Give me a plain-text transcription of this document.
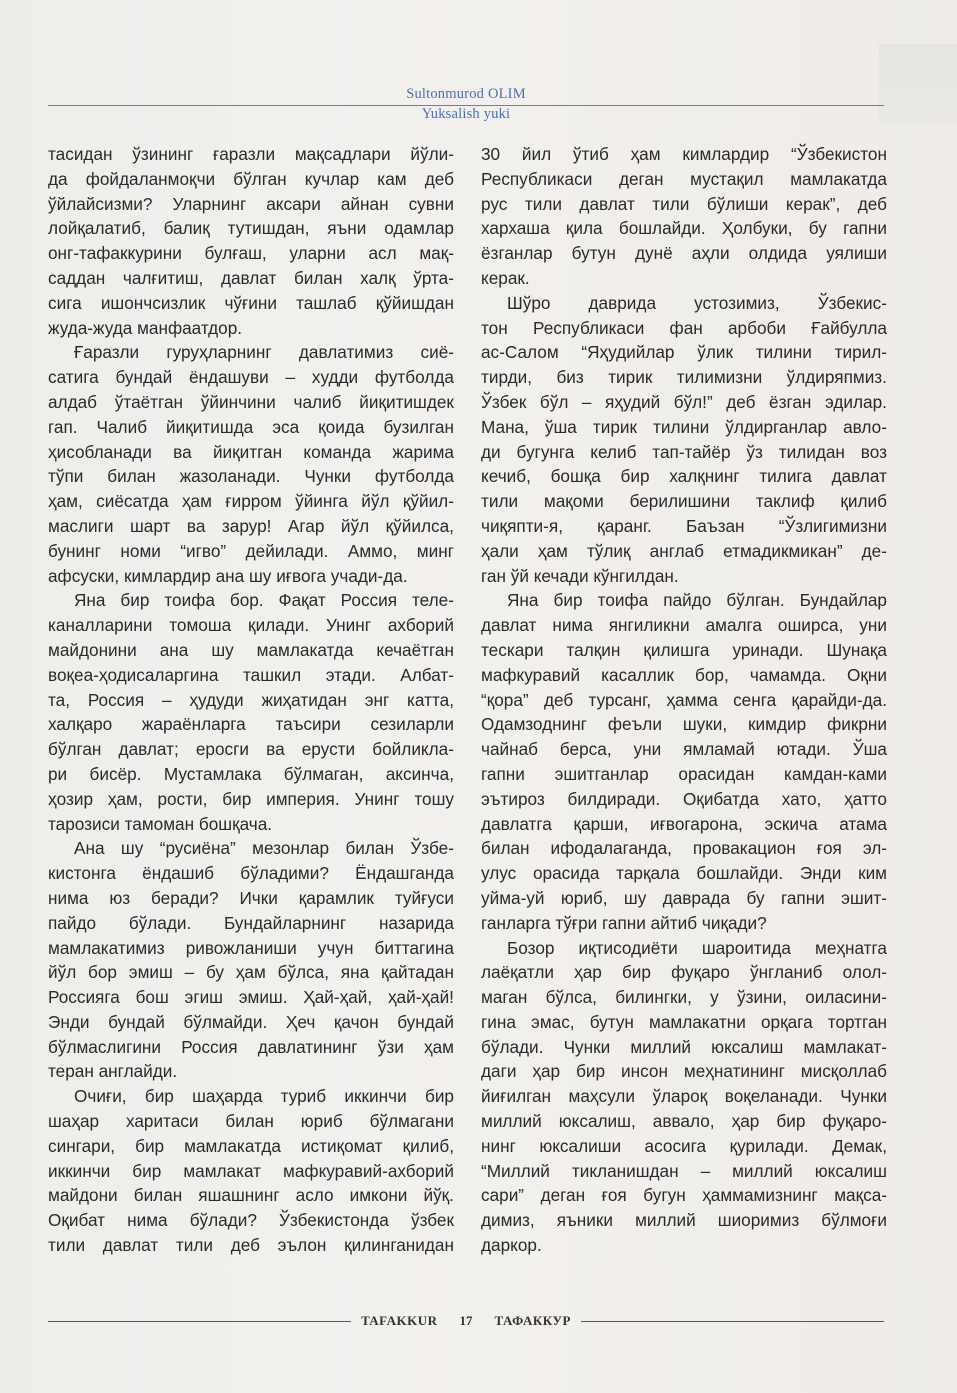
Sultonmurod OLIM
Yuksalish yuki
тасидан ўзининг ғаразли мақсадлари йўли-
да фойдаланмоқчи бўлган кучлар кам деб
ўйлайсизми? Уларнинг аксари айнан сувни
лойқалатиб, балиқ тутишдан, яъни одамлар
онг-тафаккурини булғаш, уларни асл мақ-
саддан чалғитиш, давлат билан халқ ўрта-
сига ишончсизлик чўғини ташлаб қўйишдан
жуда-жуда манфаатдор.
Ғаразли гуруҳларнинг давлатимиз сиё-
сатига бундай ёндашуви – худди футболда
алдаб ўтаётган ўйинчини чалиб йиқитишдек
гап. Чалиб йиқитишда эса қоида бузилган
ҳисобланади ва йиқитган команда жарима
тўпи билан жазоланади. Чунки футболда
ҳам, сиёсатда ҳам ғирром ўйинга йўл қўйил-
маслиги шарт ва зарур! Агар йўл қўйилса,
бунинг номи “игво” дейилади. Аммо, минг
афсуски, кимлардир ана шу иғвога учади-да.
Яна бир тоифа бор. Фақат Россия теле-
каналларини томоша қилади. Унинг ахборий
майдонини ана шу мамлакатда кечаётган
воқеа-ҳодисаларгина ташкил этади. Албат-
та, Россия – ҳудуди жиҳатидан энг катта,
халқаро жараёнларга таъсири сезиларли
бўлган давлат; еросги ва ерусти бойликла-
ри бисёр. Мустамлака бўлмаган, аксинча,
ҳозир ҳам, рости, бир империя. Унинг тошу
тарозиси тамоман бошқача.
Ана шу “русиёна” мезонлар билан Ўзбе-
кистонга ёндашиб бўладими? Ёндашганда
нима юз беради? Ички қарамлик туйғуси
пайдо бўлади. Бундайларнинг назарида
мамлакатимиз ривожланиши учун биттагина
йўл бор эмиш – бу ҳам бўлса, яна қайтадан
Россияга бош эгиш эмиш. Ҳай-ҳай, ҳай-ҳай!
Энди бундай бўлмайди. Ҳеч қачон бундай
бўлмаслигини Россия давлатининг ўзи ҳам
теран англайди.
Очиғи, бир шаҳарда туриб иккинчи бир
шаҳар харитаси билан юриб бўлмагани
сингари, бир мамлакатда истиқомат қилиб,
иккинчи бир мамлакат мафкуравий-ахборий
майдони билан яшашнинг асло имкони йўқ.
Оқибат нима бўлади? Ўзбекистонда ўзбек
тили давлат тили деб эълон қилинганидан
30 йил ўтиб ҳам кимлардир “Ўзбекистон
Республикаси деган мустақил мамлакатда
рус тили давлат тили бўлиши керак”, деб
хархаша қила бошлайди. Ҳолбуки, бу гапни
ёзганлар бутун дунё аҳли олдида уялиши
керак.
Шўро даврида устозимиз, Ўзбекис-
тон Республикаси фан арбоби Ғайбулла
ас-Салом “Яҳудийлар ўлик тилини тирил-
тирди, биз тирик тилимизни ўлдиряпмиз.
Ўзбек бўл – яҳудий бўл!” деб ёзган эдилар.
Мана, ўша тирик тилини ўлдирганлар авло-
ди бугунга келиб тап-тайёр ўз тилидан воз
кечиб, бошқа бир халқнинг тилига давлат
тили мақоми берилишини таклиф қилиб
чиқяпти-я, қаранг. Баъзан “Ўзлигимизни
ҳали ҳам тўлиқ англаб етмадикмикан” де-
ган ўй кечади кўнгилдан.
Яна бир тоифа пайдо бўлган. Бундайлар
давлат нима янгиликни амалга оширса, уни
тескари талқин қилишга уринади. Шунақа
мафкуравий касаллик бор, чамамда. Оқни
“қора” деб турсанг, ҳамма сенга қарайди-да.
Одамзоднинг феъли шуки, кимдир фикрни
чайнаб берса, уни ямламай ютади. Ўша
гапни эшитганлар орасидан камдан-ками
эътироз билдиради. Оқибатда хато, ҳатто
давлатга қарши, иғвогарона, эскича атама
билан ифодалаганда, провакацион ғоя эл-
улус орасида тарқала бошлайди. Энди ким
уйма-уй юриб, шу даврада бу гапни эшит-
ганларга тўғри гапни айтиб чиқади?
Бозор иқтисодиёти шароитида меҳнатга
лаёқатли ҳар бир фуқаро ўнгланиб олол-
маган бўлса, билингки, у ўзини, оиласини-
гина эмас, бутун мамлакатни орқага тортган
бўлади. Чунки миллий юксалиш мамлакат-
даги ҳар бир инсон меҳнатининг мисқоллаб
йиғилган маҳсули ўлароқ воқеланади. Чунки
миллий юксалиш, аввало, ҳар бир фуқаро-
нинг юксалиши асосига қурилади. Демак,
“Миллий тикланишдан – миллий юксалиш
сари” деган ғоя бугун ҳаммамизнинг мақса-
димиз, яъники миллий шиоримиз бўлмоғи
даркор.
TAFAKKUR	17	ТАФАККУР
